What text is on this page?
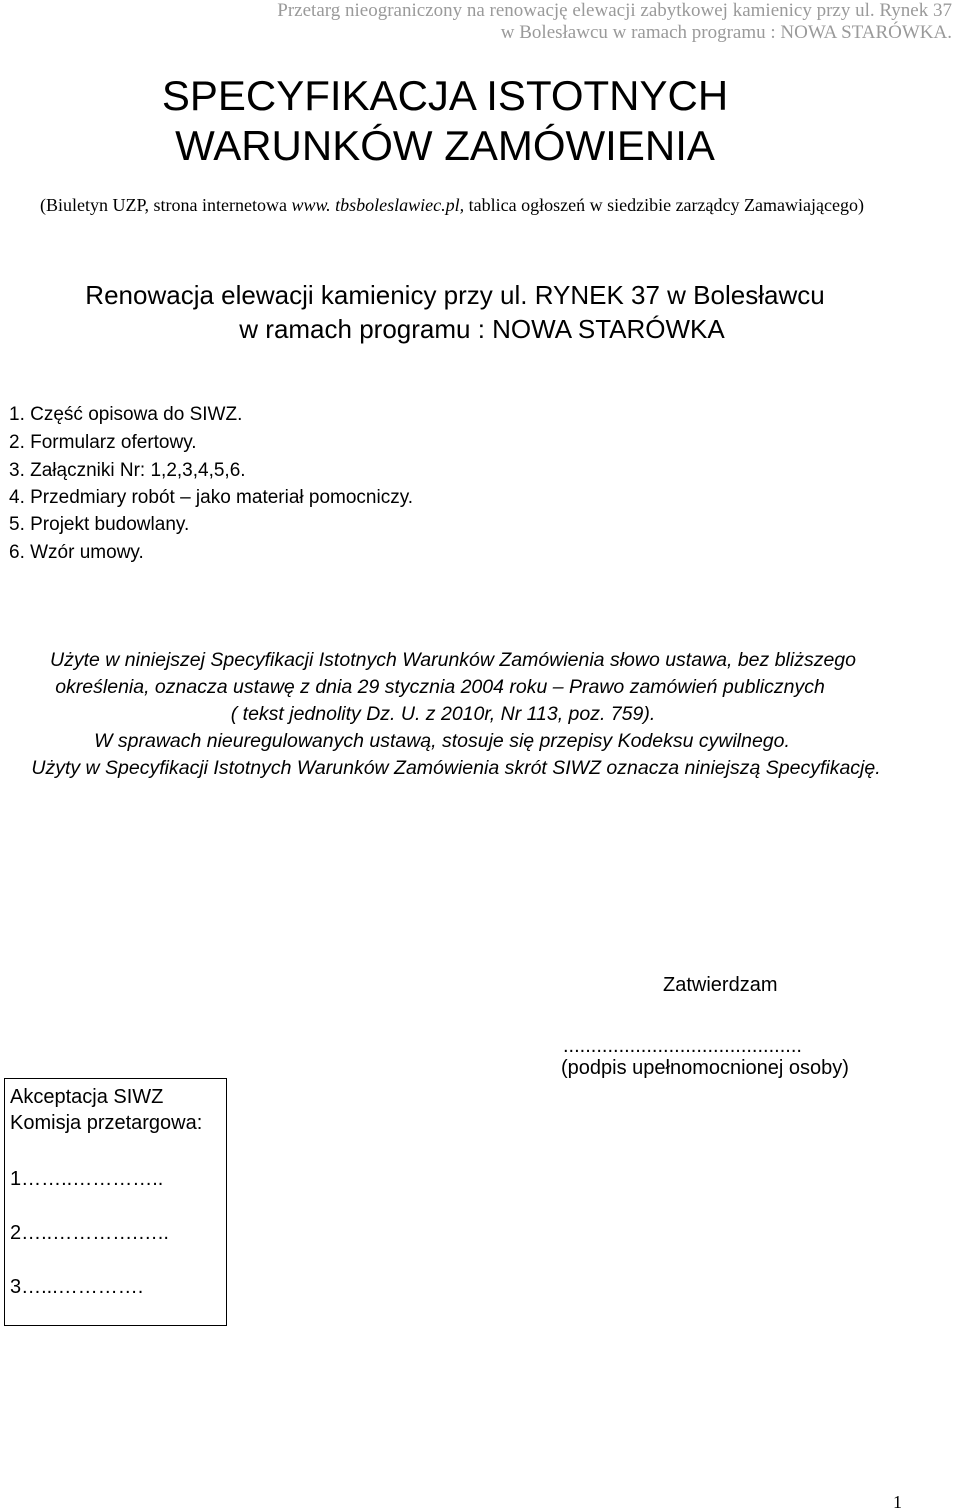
Przetarg nieograniczony na renowację elewacji zabytkowej kamienicy przy ul. Rynek 37
w Bolesławcu w ramach programu : NOWA STARÓWKA.
SPECYFIKACJA ISTOTNYCH
WARUNKÓW ZAMÓWIENIA
(Biuletyn UZP, strona internetowa www. tbsboleslawiec.pl, tablica ogłoszeń w siedzibie zarządcy Zamawiającego)
Renowacja elewacji kamienicy przy ul. RYNEK 37 w Bolesławcu
w ramach programu : NOWA STARÓWKA
1. Część opisowa do SIWZ.
2. Formularz ofertowy.
3. Załączniki Nr: 1,2,3,4,5,6.
4. Przedmiary robót – jako materiał pomocniczy.
5. Projekt budowlany.
6. Wzór umowy.
Użyte w niniejszej Specyfikacji Istotnych Warunków Zamówienia słowo ustawa, bez bliższego
określenia, oznacza ustawę z dnia 29 stycznia 2004 roku – Prawo zamówień publicznych
( tekst jednolity Dz. U. z 2010r, Nr 113, poz. 759).
W sprawach nieuregulowanych ustawą, stosuje się przepisy Kodeksu cywilnego.
Użyty w Specyfikacji Istotnych Warunków Zamówienia skrót SIWZ oznacza niniejszą Specyfikację.
Zatwierdzam
...........................................
(podpis upełnomocnionej osoby)
Akceptacja SIWZ
Komisja przetargowa:
1……..…………..
2…..………….…..
3…...………….
1
